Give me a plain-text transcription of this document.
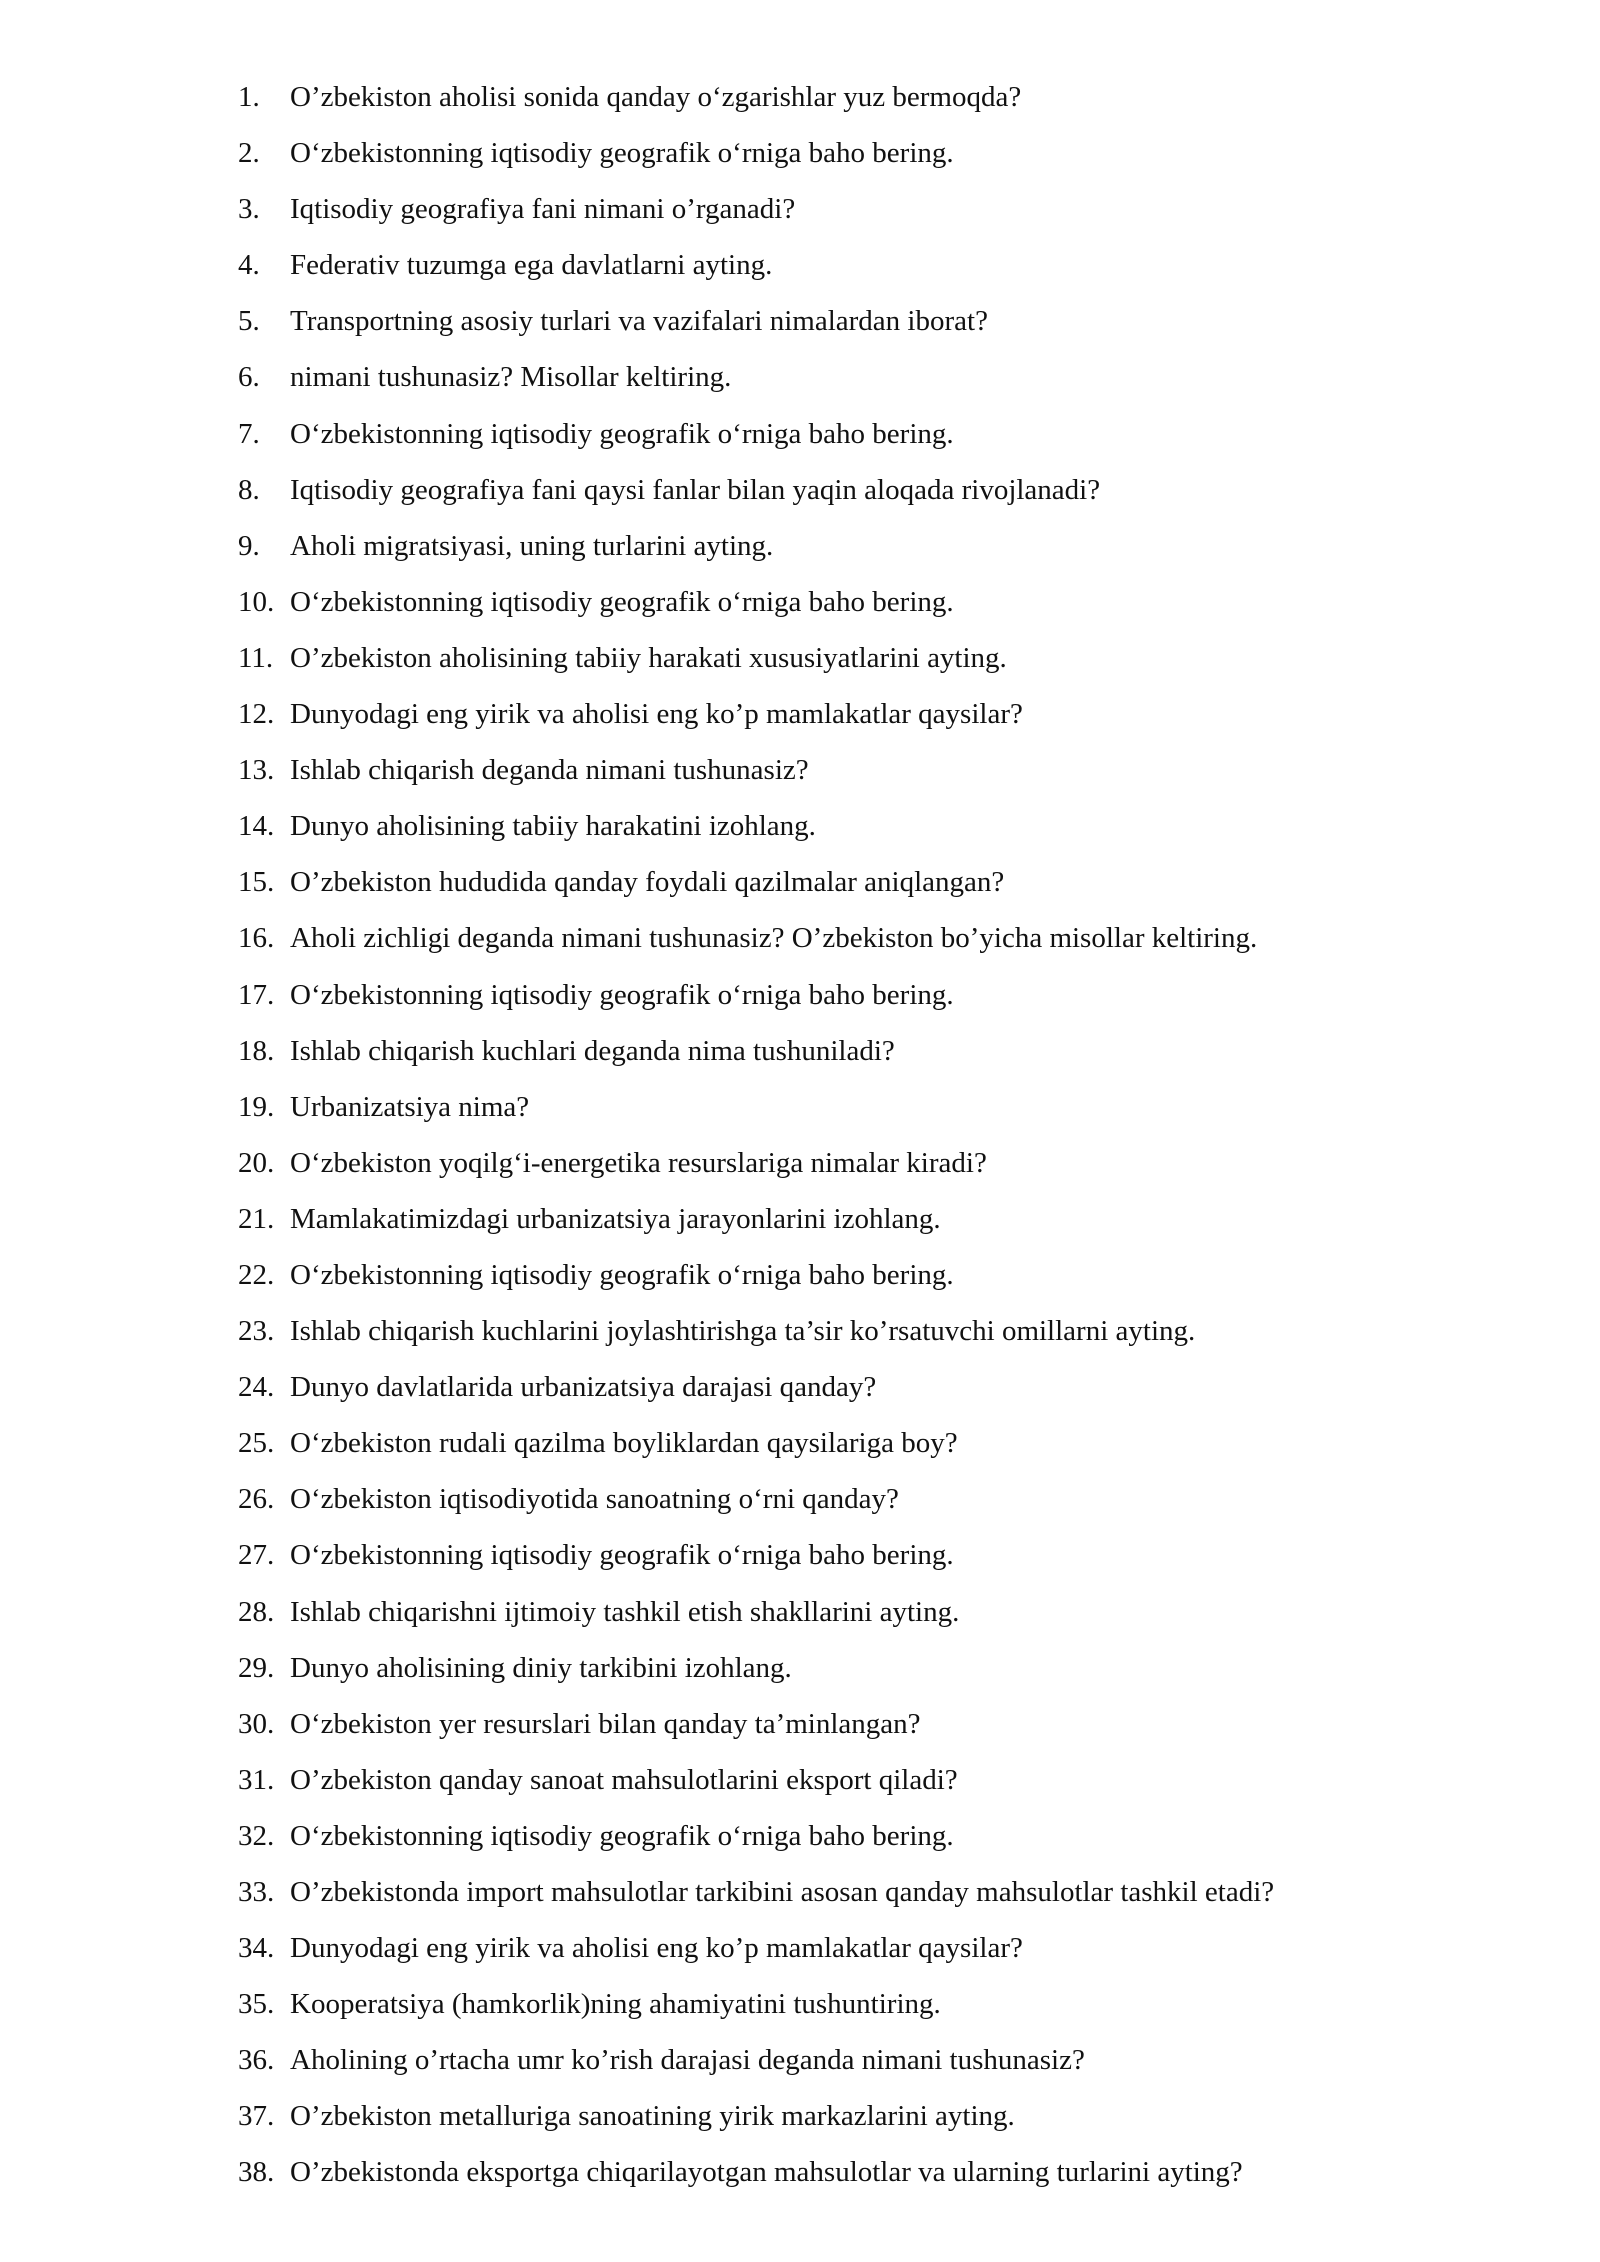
1.	O’zbekiston aholisi sonida qanday o‘zgarishlar yuz bermoqda?
2.	O‘zbekistonning iqtisodiy geografik o‘rniga baho bering.
3.	Iqtisodiy geografiya fani nimani o’rganadi?
4.	Federativ tuzumga ega davlatlarni ayting.
5.	Transportning asosiy turlari va vazifalari nimalardan iborat?
6.	nimani tushunasiz? Misollar keltiring.
7.	O‘zbekistonning iqtisodiy geografik o‘rniga baho bering.
8.	Iqtisodiy geografiya fani qaysi fanlar bilan yaqin aloqada rivojlanadi?
9.	Aholi migratsiyasi, uning turlarini ayting.
10. O‘zbekistonning iqtisodiy geografik o‘rniga baho bering.
11. O’zbekiston aholisining tabiiy harakati xususiyatlarini ayting.
12. Dunyodagi eng yirik va aholisi eng ko’p mamlakatlar qaysilar?
13. Ishlab chiqarish deganda nimani tushunasiz?
14. Dunyo aholisining tabiiy harakatini izohlang.
15. O’zbekiston hududida qanday foydali qazilmalar aniqlangan?
16. Aholi zichligi deganda nimani tushunasiz? O’zbekiston bo’yicha misollar keltiring.
17. O‘zbekistonning iqtisodiy geografik o‘rniga baho bering.
18. Ishlab chiqarish kuchlari deganda nima tushuniladi?
19. Urbanizatsiya nima?
20. O‘zbekiston yoqilg‘i-energetika resurslariga nimalar kiradi?
21. Mamlakatimizdagi urbanizatsiya jarayonlarini izohlang.
22. O‘zbekistonning iqtisodiy geografik o‘rniga baho bering.
23. Ishlab chiqarish kuchlarini joylashtirishga ta’sir ko’rsatuvchi omillarni ayting.
24. Dunyo davlatlarida urbanizatsiya darajasi qanday?
25. O‘zbekiston rudali qazilma boyliklardan qaysilariga boy?
26. O‘zbekiston iqtisodiyotida sanoatning o‘rni qanday?
27. O‘zbekistonning iqtisodiy geografik o‘rniga baho bering.
28. Ishlab chiqarishni ijtimoiy tashkil etish shakllarini ayting.
29. Dunyo aholisining diniy tarkibini izohlang.
30. O‘zbekiston yer resurslari bilan qanday ta’minlangan?
31. O’zbekiston qanday sanoat mahsulotlarini eksport qiladi?
32. O‘zbekistonning iqtisodiy geografik o‘rniga baho bering.
33. O’zbekistonda import mahsulotlar tarkibini asosan qanday mahsulotlar tashkil etadi?
34. Dunyodagi eng yirik va aholisi eng ko’p mamlakatlar qaysilar?
35. Kooperatsiya (hamkorlik)ning ahamiyatini tushuntiring.
36. Aholining o’rtacha umr ko’rish darajasi deganda nimani tushunasiz?
37. O’zbekiston metalluriga sanoatining yirik markazlarini ayting.
38. O’zbekistonda eksportga chiqarilayotgan mahsulotlar va ularning turlarini ayting?
